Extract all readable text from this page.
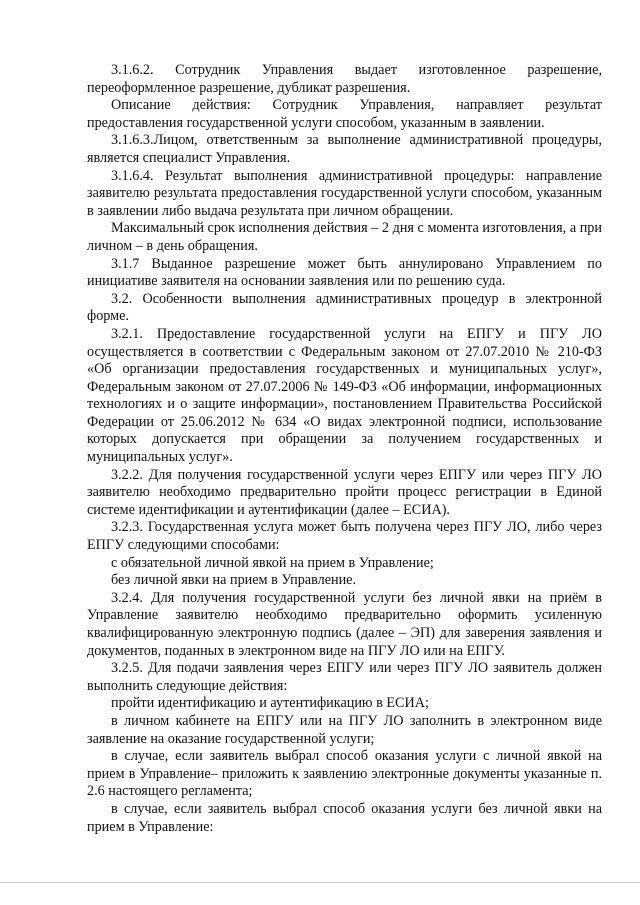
3.1.6.2. Сотрудник Управления выдает изготовленное разрешение, переоформленное разрешение, дубликат разрешения.

Описание действия: Сотрудник Управления, направляет результат предоставления государственной услуги способом, указанным в заявлении.

3.1.6.3.Лицом, ответственным за выполнение административной процедуры, является специалист Управления.

3.1.6.4. Результат выполнения административной процедуры: направление заявителю результата предоставления государственной услуги способом, указанным в заявлении либо выдача результата при личном обращении.

Максимальный срок исполнения действия – 2 дня с момента изготовления, а при личном – в день обращения.

3.1.7 Выданное разрешение может быть аннулировано Управлением по инициативе заявителя на основании заявления или по решению суда.

3.2. Особенности выполнения административных процедур в электронной форме.

3.2.1. Предоставление государственной услуги на ЕПГУ и ПГУ ЛО осуществляется в соответствии с Федеральным законом от 27.07.2010 № 210-ФЗ «Об организации предоставления государственных и муниципальных услуг», Федеральным законом от 27.07.2006 № 149-ФЗ «Об информации, информационных технологиях и о защите информации», постановлением Правительства Российской Федерации от 25.06.2012 № 634 «О видах электронной подписи, использование которых допускается при обращении за получением государственных и муниципальных услуг».

3.2.2. Для получения государственной услуги через ЕПГУ или через ПГУ ЛО заявителю необходимо предварительно пройти процесс регистрации в Единой системе идентификации и аутентификации (далее – ЕСИА).

3.2.3. Государственная услуга может быть получена через ПГУ ЛО, либо через ЕПГУ следующими способами:

с обязательной личной явкой на прием в Управление;

без личной явки на прием в Управление.

3.2.4. Для получения государственной услуги без личной явки на приём в Управление заявителю необходимо предварительно оформить усиленную квалифицированную электронную подпись (далее – ЭП) для заверения заявления и документов, поданных в электронном виде на ПГУ ЛО или на ЕПГУ.

3.2.5. Для подачи заявления через ЕПГУ или через ПГУ ЛО заявитель должен выполнить следующие действия:

пройти идентификацию и аутентификацию в ЕСИА;

в личном кабинете на ЕПГУ или на ПГУ ЛО заполнить в электронном виде заявление на оказание государственной услуги;

в случае, если заявитель выбрал способ оказания услуги с личной явкой на прием в Управление– приложить к заявлению электронные документы указанные п. 2.6 настоящего регламента;

в случае, если заявитель выбрал способ оказания услуги без личной явки на прием в Управление:
